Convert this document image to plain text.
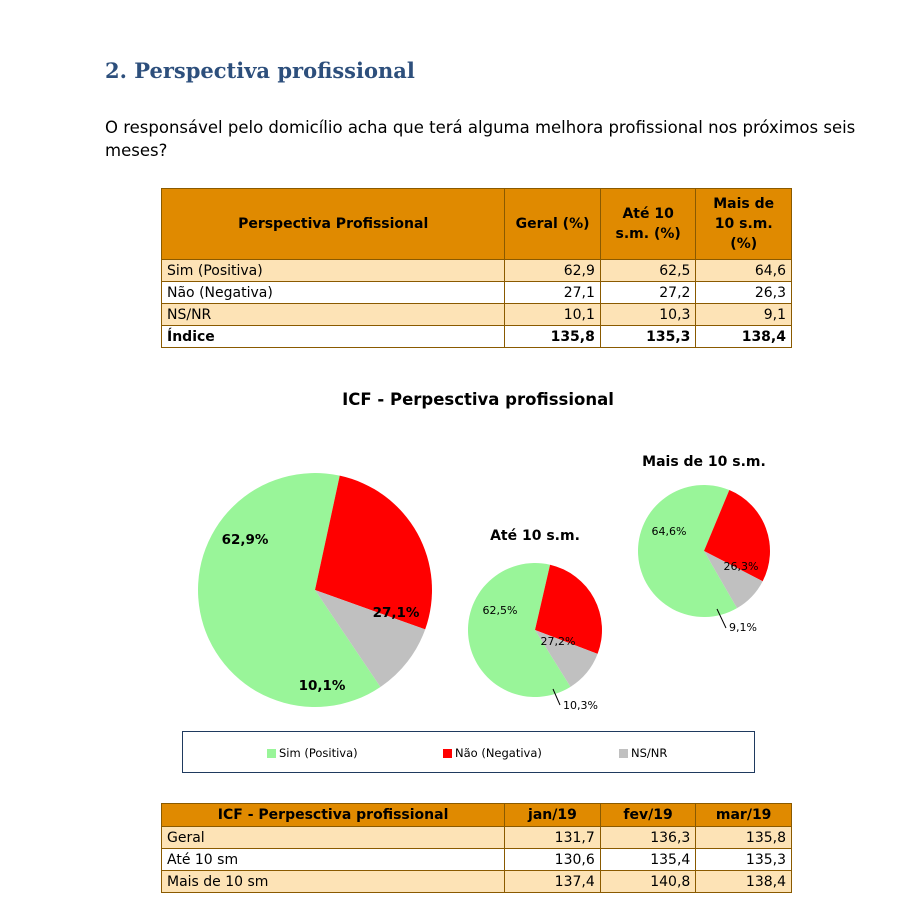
2. Perspectiva profissional
O responsável pelo domicílio acha que terá alguma melhora profissional nos próximos seis meses?
Perspectiva Profissional	Geral (%)	Até 10 s.m. (%)	Mais de 10 s.m. (%)
Sim (Positiva)	62,9	62,5	64,6
Não (Negativa)	27,1	27,2	26,3
NS/NR	10,1	10,3	9,1
Índice	135,8	135,3	138,4
ICF - Perpesctiva profissional
62,9%
27,1%
10,1%
62,5%
27,2%
10,3%
Até 10 s.m.	64,6%
26,3%
9,1%
Mais de 10 s.m.
Sim (Positiva)	Não (Negativa)	NS/NR
ICF - Perpesctiva profissional	jan/19	fev/19	mar/19
Geral	131,7	136,3	135,8
Até 10 sm	130,6	135,4	135,3
Mais de 10 sm	137,4	140,8	138,4
